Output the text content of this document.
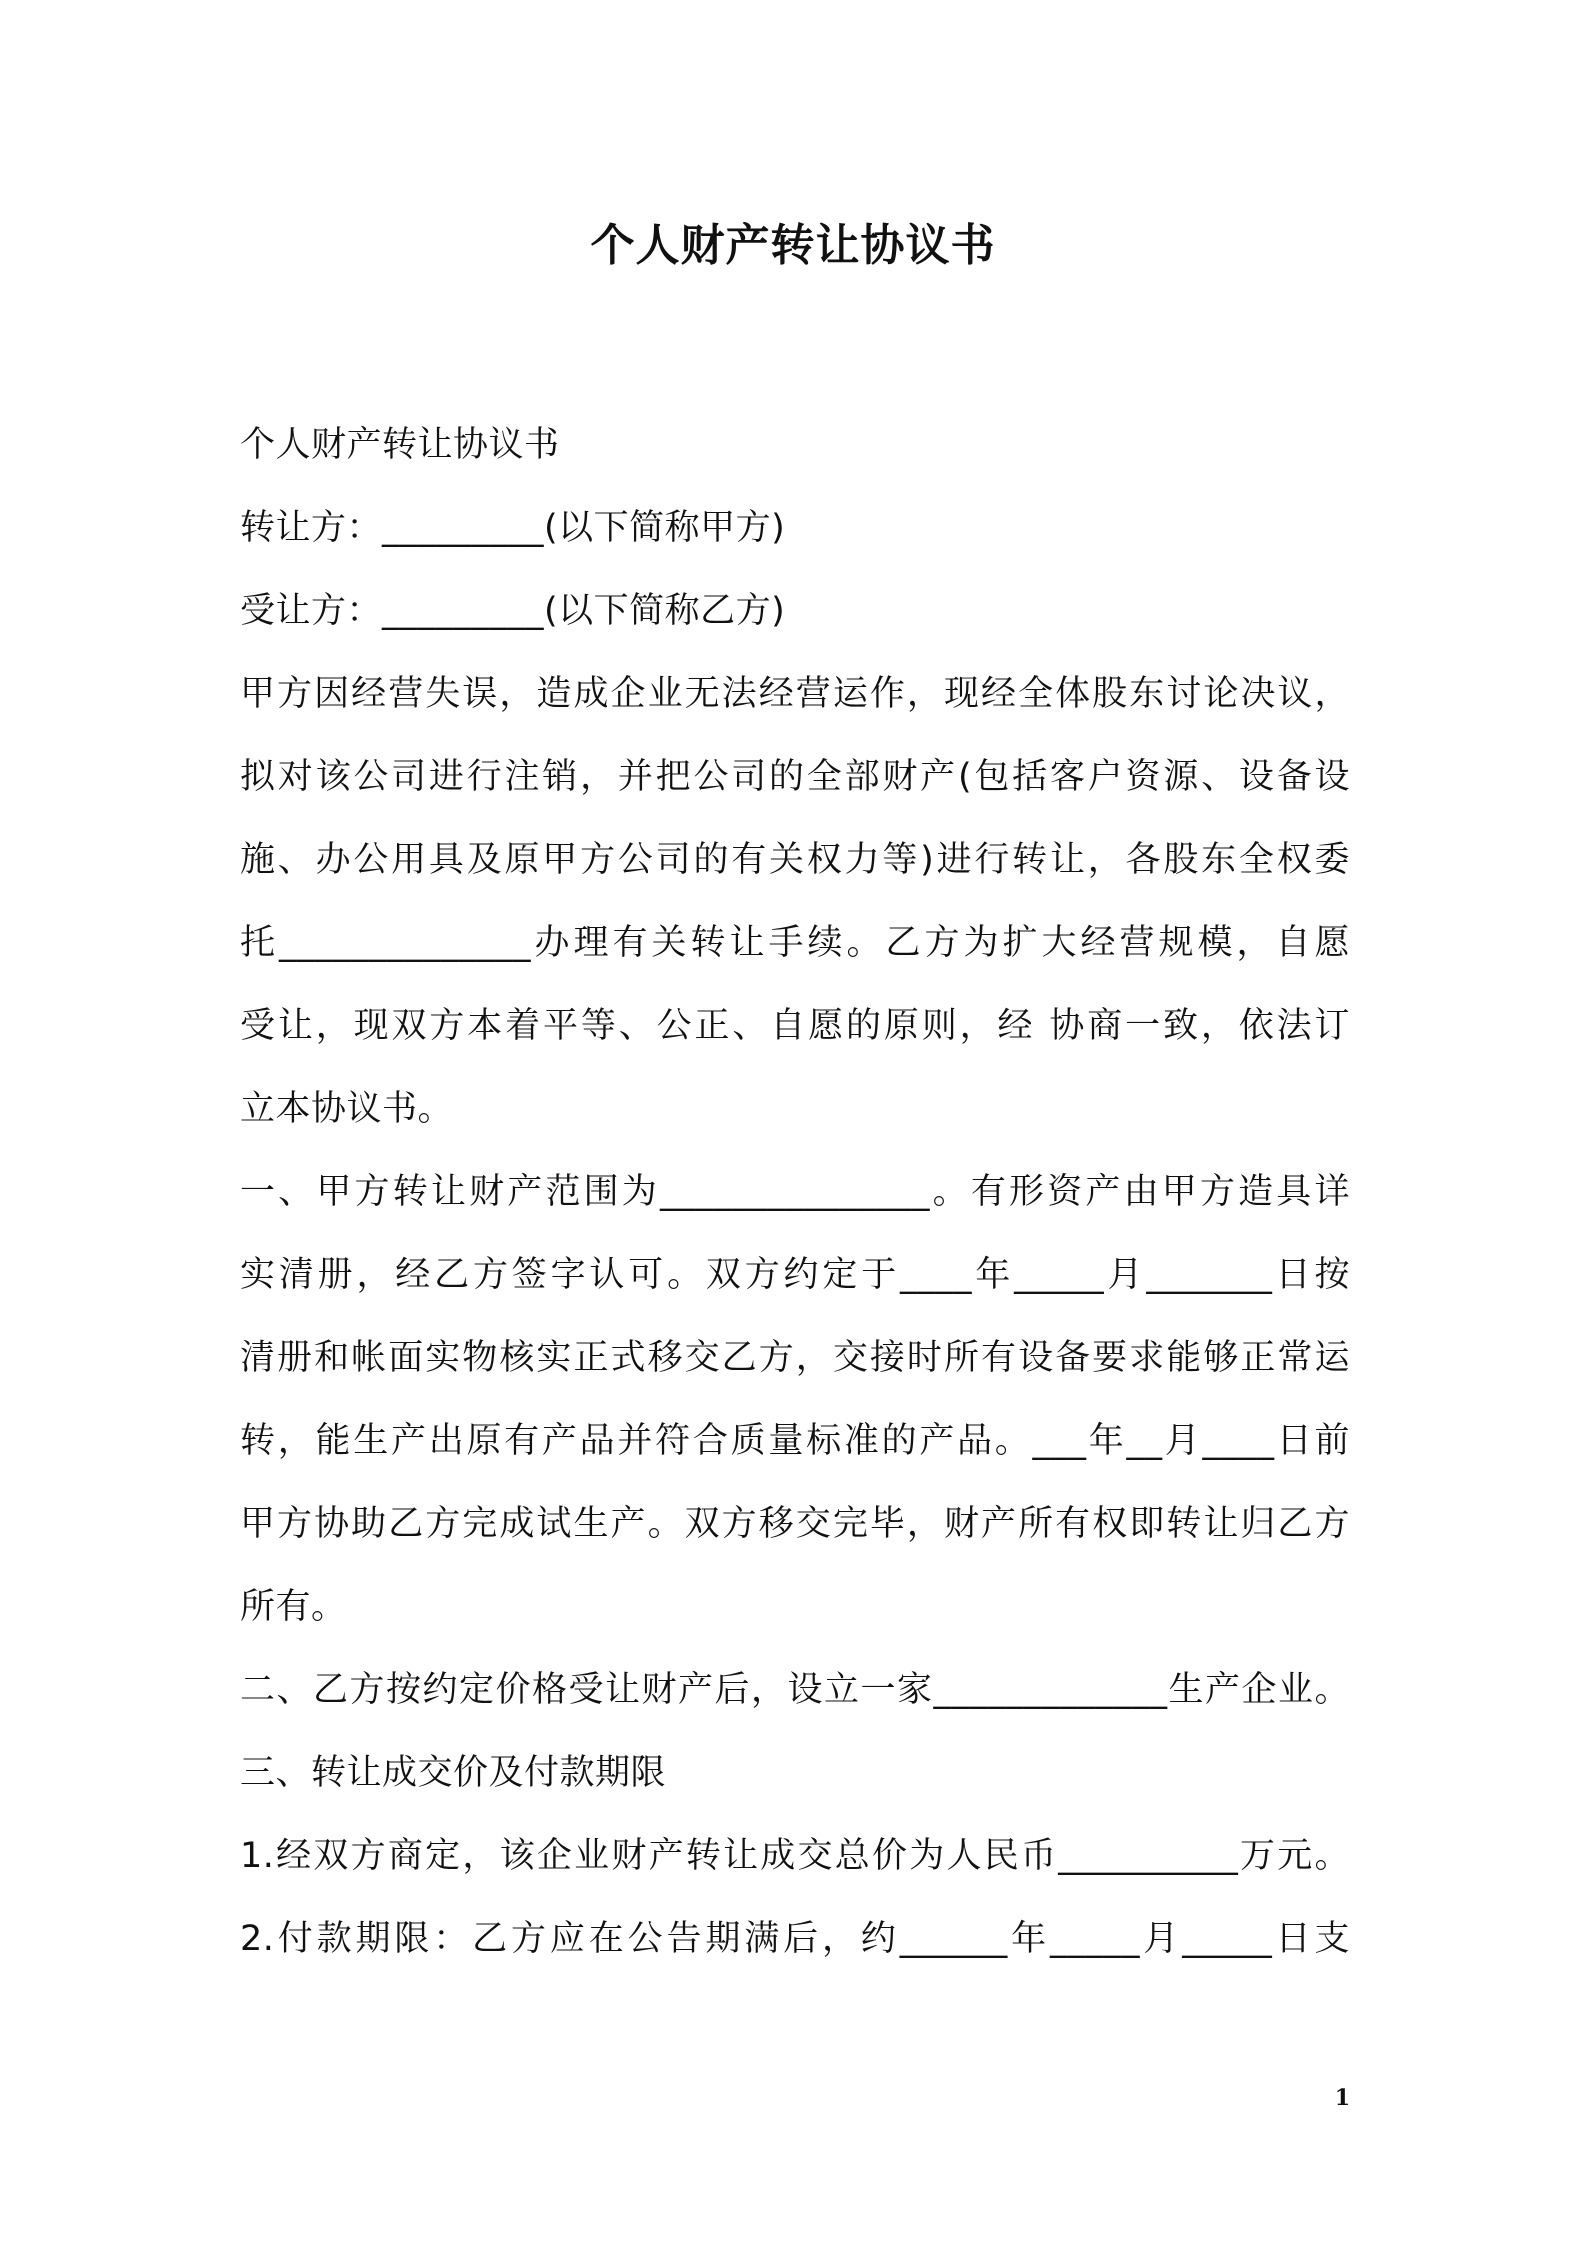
个人财产转让协议书
个人财产转让协议书
转让方：_________(以下简称甲方)
受让方：_________(以下简称乙方)
甲方因经营失误，造成企业无法经营运作，现经全体股东讨论决议，
拟对该公司进行注销，并把公司的全部财产(包括客户资源、设备设
施、办公用具及原甲方公司的有关权力等)进行转让，各股东全权委
托______________办理有关转让手续。乙方为扩大经营规模，自愿
受让，现双方本着平等、公正、自愿的原则，经 协商一致，依法订
立本协议书。
一、甲方转让财产范围为_______________。有形资产由甲方造具详
实清册，经乙方签字认可。双方约定于____年_____月_______日按
清册和帐面实物核实正式移交乙方，交接时所有设备要求能够正常运
转，能生产出原有产品并符合质量标准的产品。___年__月____日前
甲方协助乙方完成试生产。双方移交完毕，财产所有权即转让归乙方
所有。
二、乙方按约定价格受让财产后，设立一家_____________生产企业。
三、转让成交价及付款期限
1.经双方商定，该企业财产转让成交总价为人民币__________万元。
2.付款期限：乙方应在公告期满后，约______年_____月_____日支
1
